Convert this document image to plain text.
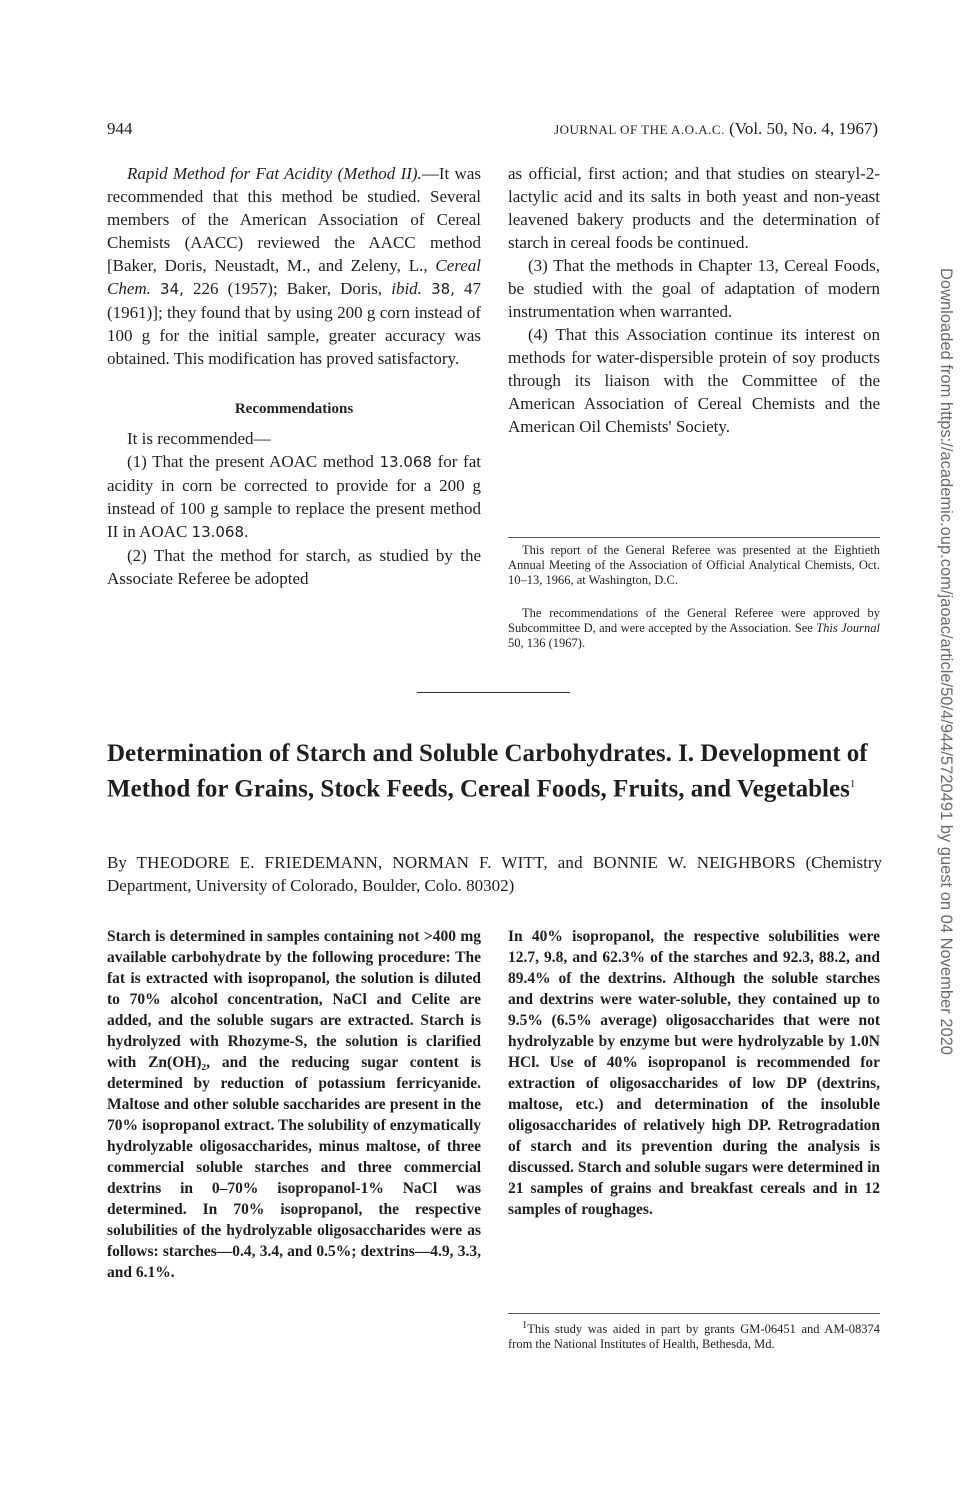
944	JOURNAL OF THE A.O.A.C. (Vol. 50, No. 4, 1967)

Rapid Method for Fat Acidity (Method II).—It was recommended that this method be studied. Several members of the American Association of Cereal Chemists (AACC) reviewed the AACC method [Baker, Doris, Neustadt, M., and Zeleny, L., Cereal Chem. 34, 226 (1957); Baker, Doris, ibid. 38, 47 (1961)]; they found that by using 200 g corn instead of 100 g for the initial sample, greater accuracy was obtained. This modification has proved satisfactory.

Recommendations

It is recommended—

(1) That the present AOAC method 13.068 for fat acidity in corn be corrected to provide for a 200 g instead of 100 g sample to replace the present method II in AOAC 13.068.

(2) That the method for starch, as studied by the Associate Referee be adopted

as official, first action; and that studies on stearyl-2-lactylic acid and its salts in both yeast and non-yeast leavened bakery products and the determination of starch in cereal foods be continued.

(3) That the methods in Chapter 13, Cereal Foods, be studied with the goal of adaptation of modern instrumentation when warranted.

(4) That this Association continue its interest on methods for water-dispersible protein of soy products through its liaison with the Committee of the American Association of Cereal Chemists and the American Oil Chemists' Society.

This report of the General Referee was presented at the Eightieth Annual Meeting of the Association of Official Analytical Chemists, Oct. 10–13, 1966, at Washington, D.C.

The recommendations of the General Referee were approved by Subcommittee D, and were accepted by the Association. See This Journal 50, 136 (1967).

Determination of Starch and Soluble Carbohydrates. I. Development of Method for Grains, Stock Feeds, Cereal Foods, Fruits, and Vegetables$^1$
By THEODORE E. FRIEDEMANN, NORMAN F. WITT, and BONNIE W. NEIGHBORS (Chemistry Department, University of Colorado, Boulder, Colo. 80302)

Starch is determined in samples containing not >400 mg available carbohydrate by the following procedure: The fat is extracted with isopropanol, the solution is diluted to 70% alcohol concentration, NaCl and Celite are added, and the soluble sugars are extracted. Starch is hydrolyzed with Rhozyme-S, the solution is clarified with Zn(OH)₂, and the reducing sugar content is determined by reduction of potassium ferricyanide. Maltose and other soluble saccharides are present in the 70% isopropanol extract. The solubility of enzymatically hydrolyzable oligosaccharides, minus maltose, of three commercial soluble starches and three commercial dextrins in 0–70% isopropanol-1% NaCl was determined. In 70% isopropanol, the respective solubilities of the hydrolyzable oligosaccharides were as follows: starches—0.4, 3.4, and 0.5%; dextrins—4.9, 3.3, and 6.1%.

In 40% isopropanol, the respective solubilities were 12.7, 9.8, and 62.3% of the starches and 92.3, 88.2, and 89.4% of the dextrins. Although the soluble starches and dextrins were water-soluble, they contained up to 9.5% (6.5% average) oligosaccharides that were not hydrolyzable by enzyme but were hydrolyzable by 1.0N HCl. Use of 40% isopropanol is recommended for extraction of oligosaccharides of low DP (dextrins, maltose, etc.) and determination of the insoluble oligosaccharides of relatively high DP. Retrogradation of starch and its prevention during the analysis is discussed. Starch and soluble sugars were determined in 21 samples of grains and breakfast cereals and in 12 samples of roughages.

$^1$This study was aided in part by grants GM-06451 and AM-08374 from the National Institutes of Health, Bethesda, Md.

Downloaded from https://academic.oup.com/jaoac/article/50/4/944/5720491 by guest on 04 November 2020
